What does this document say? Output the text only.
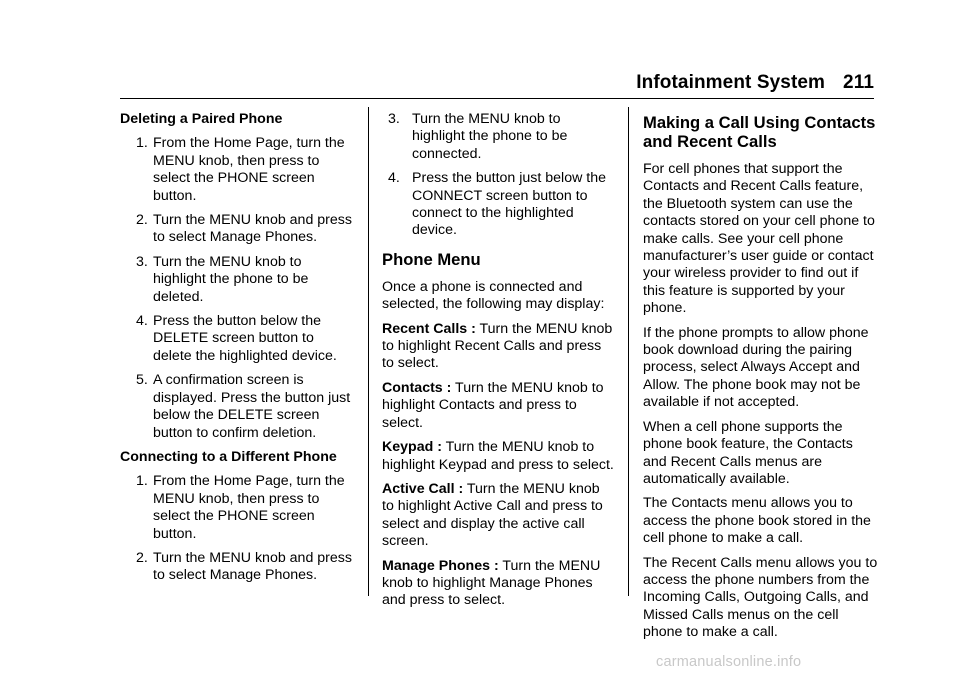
Infotainment System 211
Deleting a Paired Phone
1. From the Home Page, turn the MENU knob, then press to select the PHONE screen button.
2. Turn the MENU knob and press to select Manage Phones.
3. Turn the MENU knob to highlight the phone to be deleted.
4. Press the button below the DELETE screen button to delete the highlighted device.
5. A confirmation screen is displayed. Press the button just below the DELETE screen button to confirm deletion.
Connecting to a Different Phone
1. From the Home Page, turn the MENU knob, then press to select the PHONE screen button.
2. Turn the MENU knob and press to select Manage Phones.
3. Turn the MENU knob to highlight the phone to be connected.
4. Press the button just below the CONNECT screen button to connect to the highlighted device.
Phone Menu

Once a phone is connected and selected, the following may display:

Recent Calls : Turn the MENU knob to highlight Recent Calls and press to select.

Contacts : Turn the MENU knob to highlight Contacts and press to select.

Keypad : Turn the MENU knob to highlight Keypad and press to select.

Active Call : Turn the MENU knob to highlight Active Call and press to select and display the active call screen.

Manage Phones : Turn the MENU knob to highlight Manage Phones and press to select.

Making a Call Using Contacts and Recent Calls

For cell phones that support the Contacts and Recent Calls feature, the Bluetooth system can use the contacts stored on your cell phone to make calls. See your cell phone manufacturer’s user guide or contact your wireless provider to find out if this feature is supported by your phone.

If the phone prompts to allow phone book download during the pairing process, select Always Accept and Allow. The phone book may not be available if not accepted.

When a cell phone supports the phone book feature, the Contacts and Recent Calls menus are automatically available.

The Contacts menu allows you to access the phone book stored in the cell phone to make a call.

The Recent Calls menu allows you to access the phone numbers from the Incoming Calls, Outgoing Calls, and Missed Calls menus on the cell phone to make a call.

carmanualsonline.info
